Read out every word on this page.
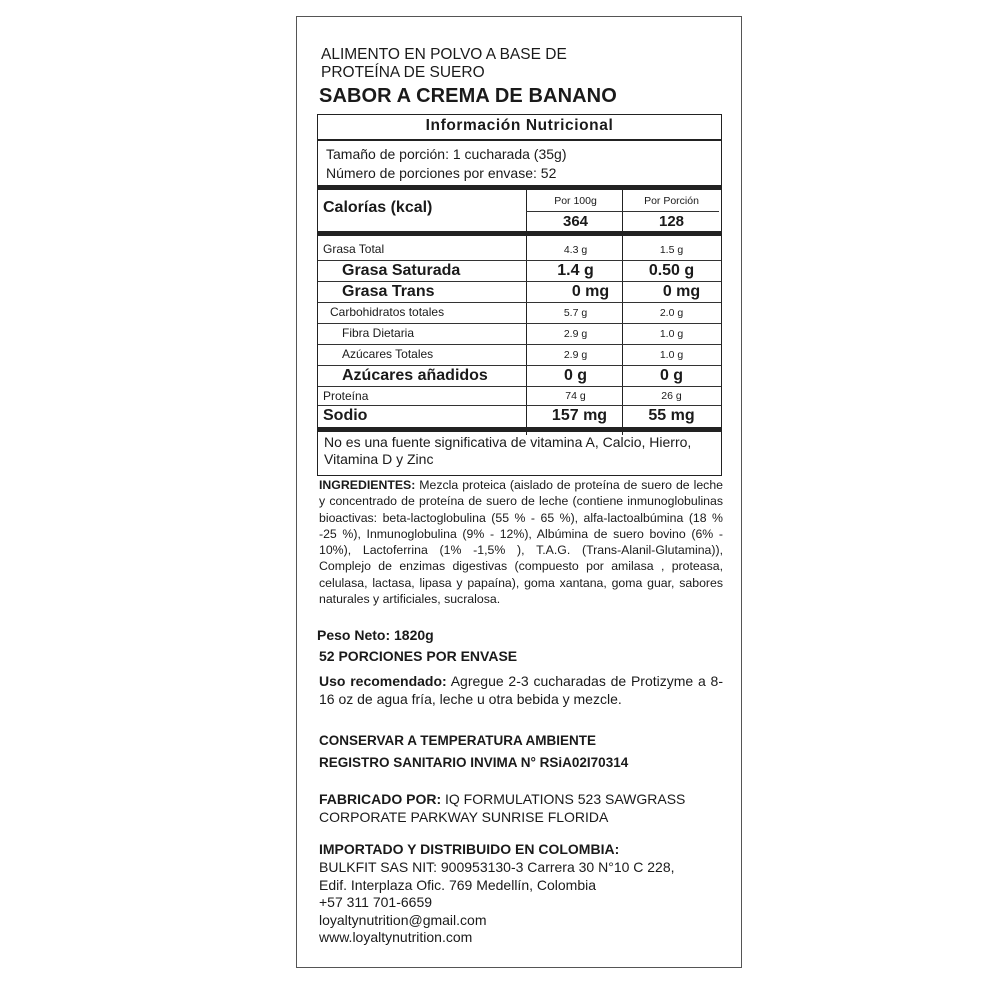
ALIMENTO EN POLVO A BASE DE
PROTEÍNA DE SUERO
SABOR A CREMA DE BANANO
Información Nutricional
Tamaño de porción: 1 cucharada (35g)
Número de porciones por envase: 52
Calorías (kcal)	Por 100g	Por Porción
364	128
Grasa Total	4.3 g	1.5 g
Grasa Saturada	1.4 g	0.50 g
Grasa Trans	0 mg	0 mg
Carbohidratos totales	5.7 g	2.0 g
Fibra Dietaria	2.9 g	1.0 g
Azúcares Totales	2.9 g	1.0 g
Azúcares añadidos	0 g	0 g
Proteína	74 g	26 g
Sodio	157 mg	55 mg
No es una fuente significativa de vitamina A, Calcio, Hierro, Vitamina D y Zinc
INGREDIENTES: Mezcla proteica (aislado de proteína de suero de leche y concentrado de proteína de suero de leche (contiene inmunoglobulinas bioactivas: beta-lactoglobulina (55 % - 65 %), alfa-lactoalbúmina (18 % -25 %), Inmunoglobulina (9% - 12%), Albúmina de suero bovino (6% - 10%), Lactoferrina (1% -1,5% ), T.A.G. (Trans-Alanil-Glutamina)), Complejo de enzimas digestivas (compuesto por amilasa , proteasa, celulasa, lactasa, lipasa y papaína), goma xantana, goma guar, sabores naturales y artificiales, sucralosa.
Peso Neto: 1820g
52 PORCIONES POR ENVASE
Uso recomendado: Agregue 2-3 cucharadas de Protizyme a 8-16 oz de agua fría, leche u otra bebida y mezcle.
CONSERVAR A TEMPERATURA AMBIENTE
REGISTRO SANITARIO INVIMA N° RSiA02I70314
FABRICADO POR: IQ FORMULATIONS 523 SAWGRASS CORPORATE PARKWAY SUNRISE FLORIDA
IMPORTADO Y DISTRIBUIDO EN COLOMBIA:
BULKFIT SAS NIT: 900953130-3 Carrera 30 N°10 C 228,
Edif. Interplaza Ofic. 769 Medellín, Colombia
+57 311 701-6659
loyaltynutrition@gmail.com
www.loyaltynutrition.com
